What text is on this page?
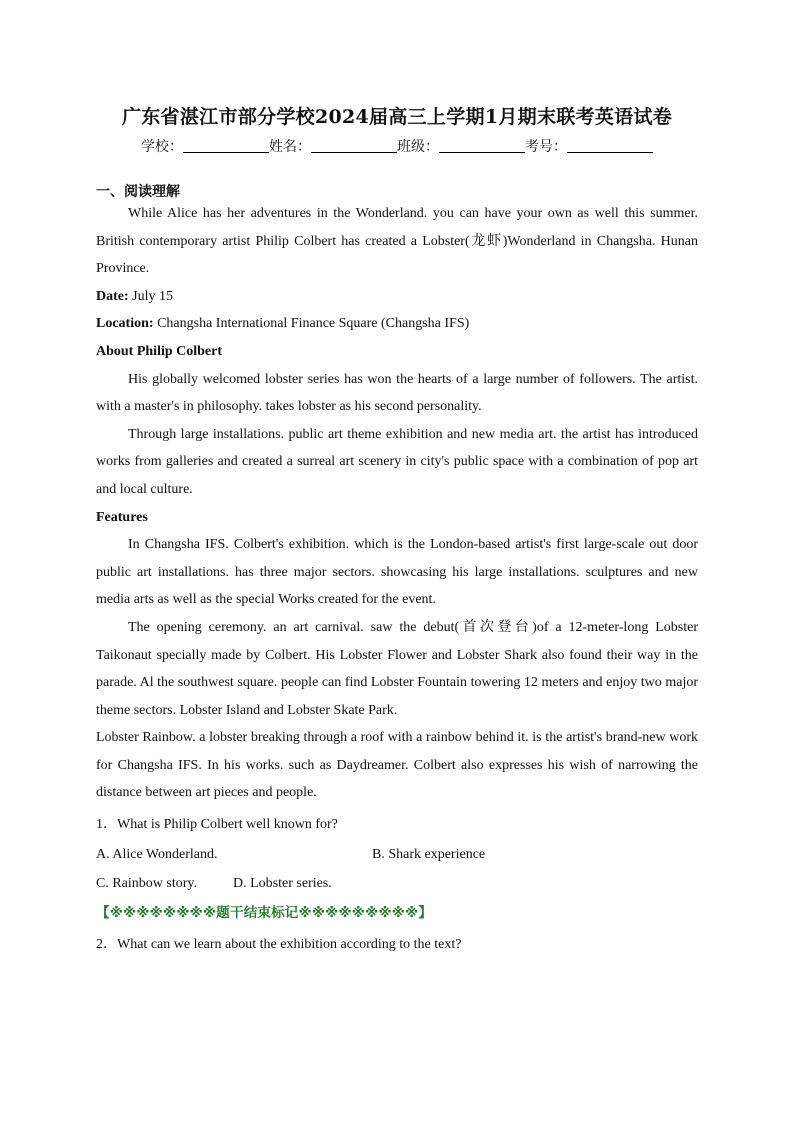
广东省湛江市部分学校2024届高三上学期1月期末联考英语试卷
学校：	姓名：	班级：	考号：
一、阅读理解

While Alice has her adventures in the Wonderland. you can have your own as well this summer. British contemporary artist Philip Colbert has created a Lobster(龙虾)Wonderland in Changsha. Hunan Province.

Date: July 15

Location: Changsha International Finance Square (Changsha IFS)

About Philip Colbert

His globally welcomed lobster series has won the hearts of a large number of followers. The artist. with a master's in philosophy. takes lobster as his second personality.

Through large installations. public art theme exhibition and new media art. the artist has introduced works from galleries and created a surreal art scenery in city's public space with a combination of pop art and local culture.

Features

In Changsha IFS. Colbert's exhibition. which is the London-based artist's first large-scale out door public art installations. has three major sectors. showcasing his large installations. sculptures and new media arts as well as the special Works created for the event.

The opening ceremony. an art carnival. saw the debut(首次登台)of a 12-meter-long Lobster Taikonaut specially made by Colbert. His Lobster Flower and Lobster Shark also found their way in the parade. Al the southwest square. people can find Lobster Fountain towering 12 meters and enjoy two major theme sectors. Lobster Island and Lobster Skate Park.

Lobster Rainbow. a lobster breaking through a roof with a rainbow behind it. is the artist's brand-new work for Changsha IFS. In his works. such as Daydreamer. Colbert also expresses his wish of narrowing the distance between art pieces and people.

1．What is Philip Colbert well known for?

A. Alice Wonderland.	B. Shark experience
C. Rainbow story.	D. Lobster series.
【※※※※※※※※题干结束标记※※※※※※※※※】

2．What can we learn about the exhibition according to the text?
